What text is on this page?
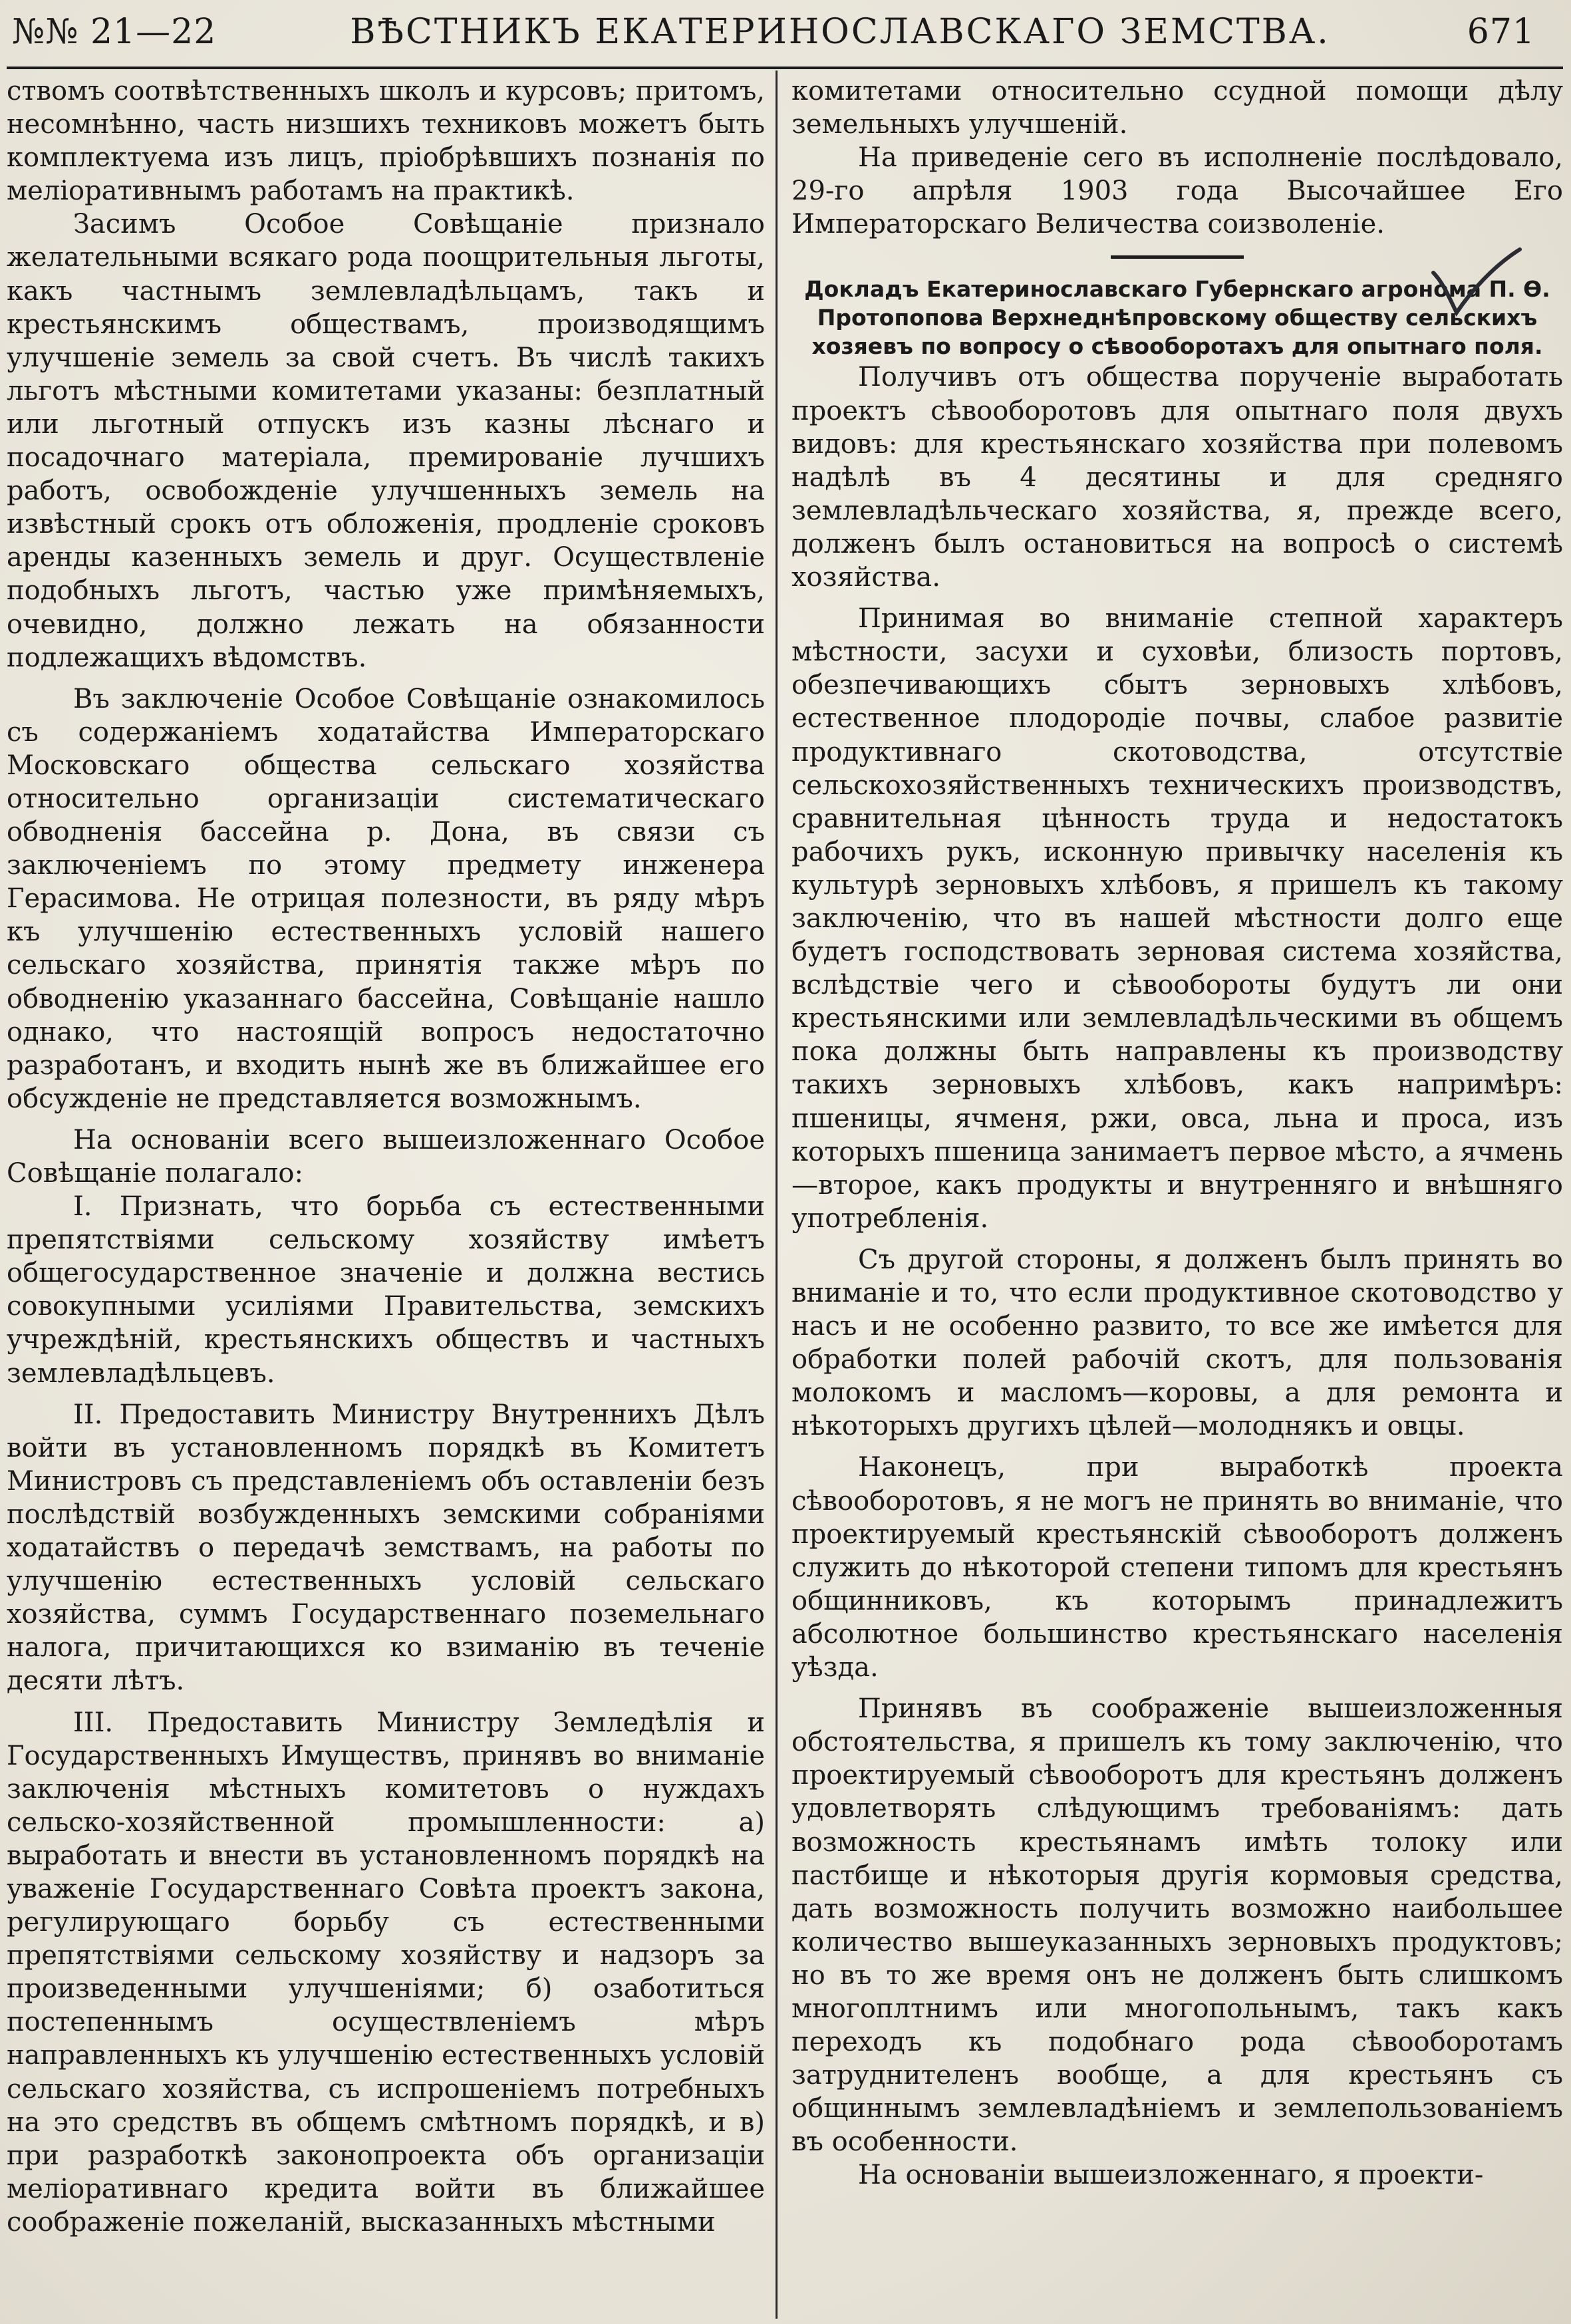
№№ 21—22	ВѢСТНИКЪ ЕКАТЕРИНОСЛАВСКАГО ЗЕМСТВА.	671

ствомъ соотвѣтственныхъ школъ и курсовъ; притомъ, несомнѣнно, часть низшихъ техниковъ можетъ быть комплектуема изъ лицъ, пріобрѣвшихъ познанія по меліоративнымъ работамъ на практикѣ.

Засимъ Особое Совѣщаніе признало желательными всякаго рода поощрительныя льготы, какъ частнымъ землевладѣльцамъ, такъ и крестьянскимъ обществамъ, производящимъ улучшеніе земель за свой счетъ. Въ числѣ такихъ льготъ мѣстными комитетами указаны: безплатный или льготный отпускъ изъ казны лѣснаго и посадочнаго матеріала, премированіе лучшихъ работъ, освобожденіе улучшенныхъ земель на извѣстный срокъ отъ обложенія, продленіе сроковъ аренды казенныхъ земель и друг. Осуществленіе подобныхъ льготъ, частью уже примѣняемыхъ, очевидно, должно лежать на обязанности подлежащихъ вѣдомствъ.

Въ заключеніе Особое Совѣщаніе ознакомилось съ содержаніемъ ходатайства Императорскаго Московскаго общества сельскаго хозяйства относительно организаціи систематическаго обводненія бассейна р. Дона, въ связи съ заключеніемъ по этому предмету инженера Герасимова. Не отрицая полезности, въ ряду мѣръ къ улучшенію естественныхъ условій нашего сельскаго хозяйства, принятія также мѣръ по обводненію указаннаго бассейна, Совѣщаніе нашло однако, что настоящій вопросъ недостаточно разработанъ, и входить нынѣ же въ ближайшее его обсужденіе не представляется возможнымъ.

На основаніи всего вышеизложеннаго Особое Совѣщаніе полагало:

I. Признать, что борьба съ естественными препятствіями сельскому хозяйству имѣетъ общегосударственное значеніе и должна вестись совокупными усиліями Правительства, земскихъ учреждѣній, крестьянскихъ обществъ и частныхъ землевладѣльцевъ.

II. Предоставить Министру Внутреннихъ Дѣлъ войти въ установленномъ порядкѣ въ Комитетъ Министровъ съ представленіемъ объ оставленіи безъ послѣдствій возбужденныхъ земскими собраніями ходатайствъ о передачѣ земствамъ, на работы по улучшенію естественныхъ условій сельскаго хозяйства, суммъ Государственнаго поземельнаго налога, причитающихся ко взиманію въ теченіе десяти лѣтъ.

III. Предоставить Министру Земледѣлія и Государственныхъ Имуществъ, принявъ во вниманіе заключенія мѣстныхъ комитетовъ о нуждахъ сельско-хозяйственной промышленности: а) выработать и внести въ установленномъ порядкѣ на уваженіе Государственнаго Совѣта проектъ закона, регулирующаго борьбу съ естественными препятствіями сельскому хозяйству и надзоръ за произведенными улучшеніями; б) озаботиться постепеннымъ осуществленіемъ мѣръ направленныхъ къ улучшенію естественныхъ условій сельскаго хозяйства, съ испрошеніемъ потребныхъ на это средствъ въ общемъ смѣтномъ порядкѣ, и в) при разработкѣ законопроекта объ организаціи меліоративнаго кредита войти въ ближайшее соображеніе пожеланій, высказанныхъ мѣстными

комитетами относительно ссудной помощи дѣлу земельныхъ улучшеній.

На приведеніе сего въ исполненіе послѣдовало, 29-го апрѣля 1903 года Высочайшее Его Императорскаго Величества соизволеніе.

Докладъ Екатеринославскаго Губернскаго агронома П. Ѳ. Протопопова Верхнеднѣпровскому обществу сельскихъ хозяевъ по вопросу о сѣвооборотахъ для опытнаго поля.

Получивъ отъ общества порученіе выработать проектъ сѣвооборотовъ для опытнаго поля двухъ видовъ: для крестьянскаго хозяйства при полевомъ надѣлѣ въ 4 десятины и для средняго землевладѣльческаго хозяйства, я, прежде всего, долженъ былъ остановиться на вопросѣ о системѣ хозяйства.

Принимая во вниманіе степной характеръ мѣстности, засухи и суховѣи, близость портовъ, обезпечивающихъ сбытъ зерновыхъ хлѣбовъ, естественное плодородіе почвы, слабое развитіе продуктивнаго скотоводства, отсутствіе сельскохозяйственныхъ техническихъ производствъ, сравнительная цѣнность труда и недостатокъ рабочихъ рукъ, исконную привычку населенія къ культурѣ зерновыхъ хлѣбовъ, я пришелъ къ такому заключенію, что въ нашей мѣстности долго еще будетъ господствовать зерновая система хозяйства, вслѣдствіе чего и сѣвообороты будутъ ли они крестьянскими или землевладѣльческими въ общемъ пока должны быть направлены къ производству такихъ зерновыхъ хлѣбовъ, какъ напримѣръ: пшеницы, ячменя, ржи, овса, льна и проса, изъ которыхъ пшеница занимаетъ первое мѣсто, а ячмень—второе, какъ продукты и внутренняго и внѣшняго употребленія.

Съ другой стороны, я долженъ былъ принять во вниманіе и то, что если продуктивное скотоводство у насъ и не особенно развито, то все же имѣется для обработки полей рабочій скотъ, для пользованія молокомъ и масломъ—коровы, а для ремонта и нѣкоторыхъ другихъ цѣлей—молоднякъ и овцы.

Наконецъ, при выработкѣ проекта сѣвооборотовъ, я не могъ не принять во вниманіе, что проектируемый крестьянскій сѣвооборотъ долженъ служить до нѣкоторой степени типомъ для крестьянъ общинниковъ, къ которымъ принадлежитъ абсолютное большинство крестьянскаго населенія уѣзда.

Принявъ въ соображеніе вышеизложенныя обстоятельства, я пришелъ къ тому заключенію, что проектируемый сѣвооборотъ для крестьянъ долженъ удовлетворять слѣдующимъ требованіямъ: дать возможность крестьянамъ имѣть толоку или пастбище и нѣкоторыя другія кормовыя средства, дать возможность получить возможно наибольшее количество вышеуказанныхъ зерновыхъ продуктовъ; но въ то же время онъ не долженъ быть слишкомъ многоплтнимъ или многопольнымъ, такъ какъ переходъ къ подобнаго рода сѣвооборотамъ затруднителенъ вообще, а для крестьянъ съ общиннымъ землевладѣніемъ и землепользованіемъ въ особенности.

На основаніи вышеизложеннаго, я проекти-
